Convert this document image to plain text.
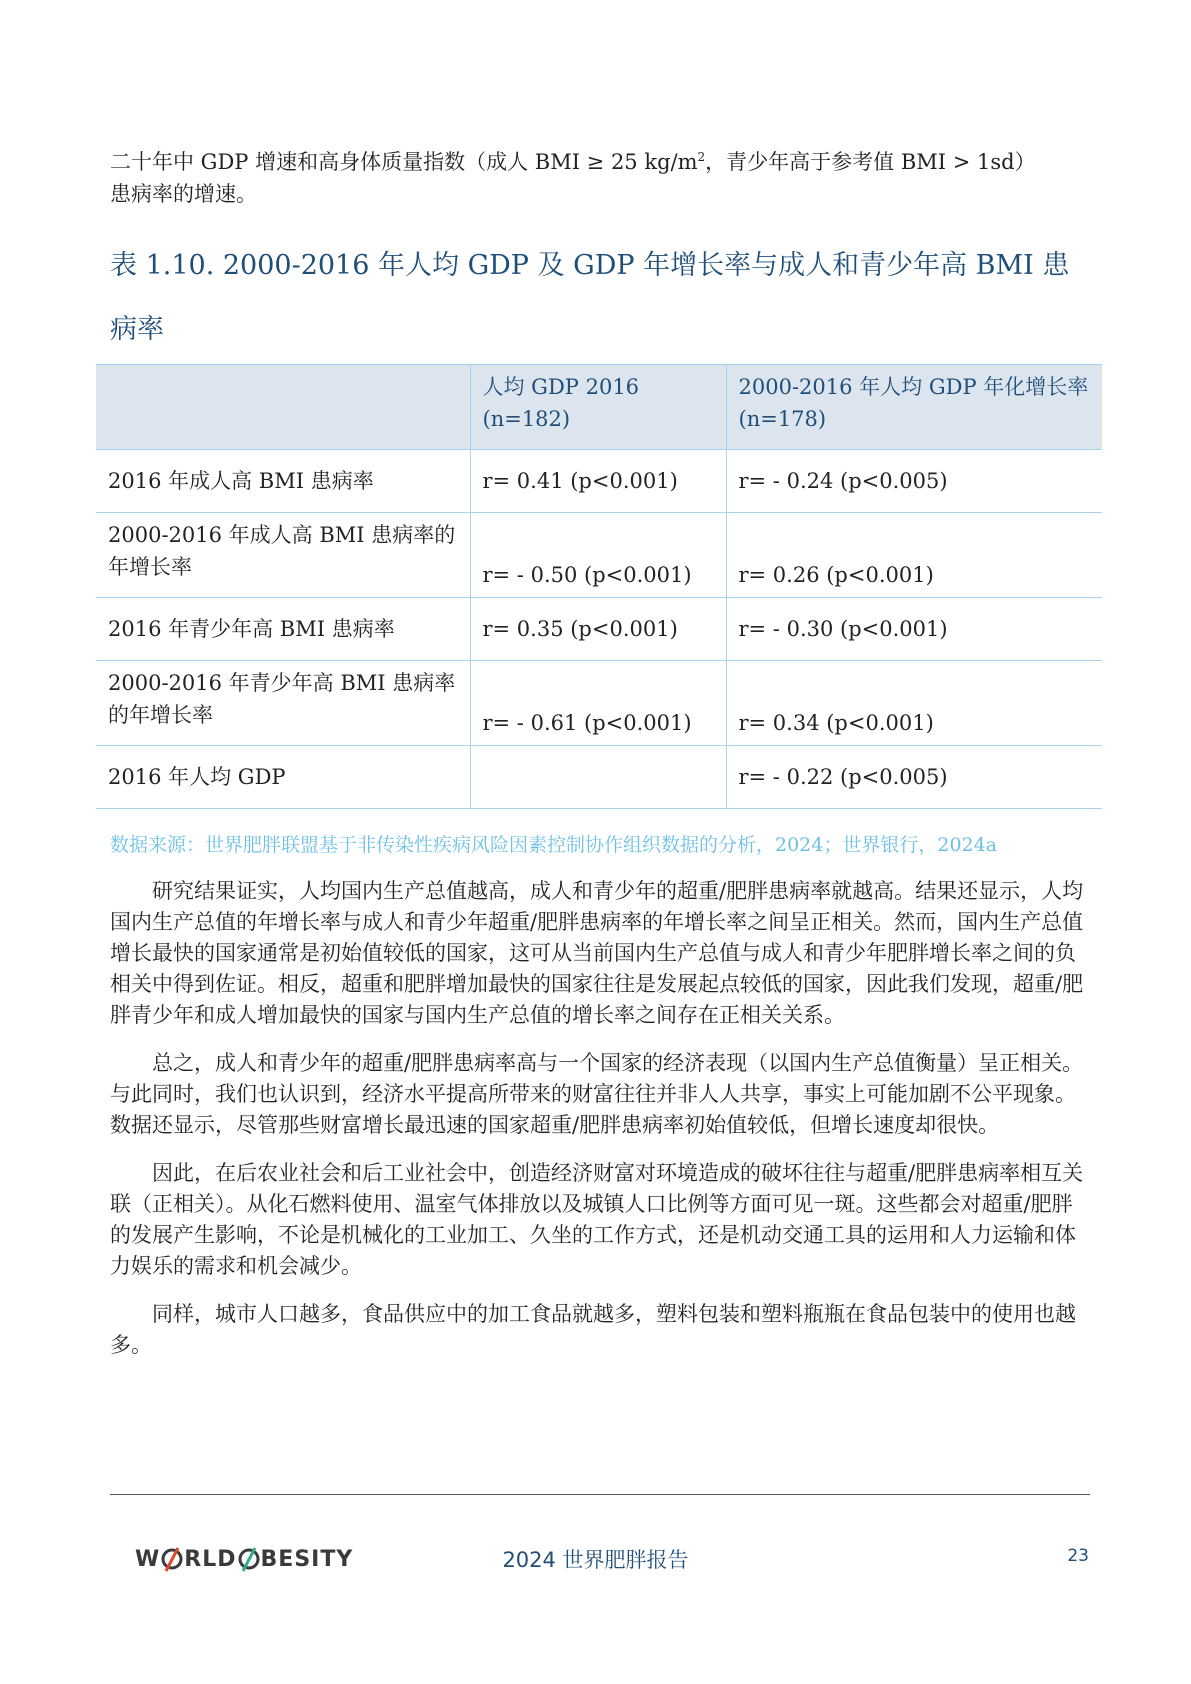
二十年中 GDP 增速和高身体质量指数（成人 BMI ≥ 25 $kg/m^2$，青少年高于参考值 BMI > 1sd）
患病率的增速。
表 1.10. 2000-2016 年人均 GDP 及 GDP 年增长率与成人和青少年高 BMI 患病率
	人均 GDP 2016 (n=182)	2000-2016 年人均 GDP 年化增长率(n=178)
2016 年成人高 BMI 患病率	r= 0.41 (p<0.001)	r= - 0.24 (p<0.005)
2000-2016 年成人高 BMI 患病率的年增长率	r= - 0.50 (p<0.001)	r= 0.26 (p<0.001)
2016 年青少年高 BMI 患病率	r= 0.35 (p<0.001)	r= - 0.30 (p<0.001)
2000-2016 年青少年高 BMI 患病率的年增长率	r= - 0.61 (p<0.001)	r= 0.34 (p<0.001)
2016 年人均 GDP		r= - 0.22 (p<0.005)
数据来源：世界肥胖联盟基于非传染性疾病风险因素控制协作组织数据的分析，2024；世界银行，2024a

研究结果证实，人均国内生产总值越高，成人和青少年的超重/肥胖患病率就越高。结果还显示，人均国内生产总值的年增长率与成人和青少年超重/肥胖患病率的年增长率之间呈正相关。然而，国内生产总值增长最快的国家通常是初始值较低的国家，这可从当前国内生产总值与成人和青少年肥胖增长率之间的负相关中得到佐证。相反，超重和肥胖增加最快的国家往往是发展起点较低的国家，因此我们发现，超重/肥胖青少年和成人增加最快的国家与国内生产总值的增长率之间存在正相关关系。

总之，成人和青少年的超重/肥胖患病率高与一个国家的经济表现（以国内生产总值衡量）呈正相关。与此同时，我们也认识到，经济水平提高所带来的财富往往并非人人共享，事实上可能加剧不公平现象。数据还显示，尽管那些财富增长最迅速的国家超重/肥胖患病率初始值较低，但增长速度却很快。

因此，在后农业社会和后工业社会中，创造经济财富对环境造成的破坏往往与超重/肥胖患病率相互关联（正相关）。从化石燃料使用、温室气体排放以及城镇人口比例等方面可见一斑。这些都会对超重/肥胖的发展产生影响，不论是机械化的工业加工、久坐的工作方式，还是机动交通工具的运用和人力运输和体力娱乐的需求和机会减少。

同样，城市人口越多，食品供应中的加工食品就越多，塑料包装和塑料瓶瓶在食品包装中的使用也越多。

W RLD BESITY	2024 世界肥胖报告	23
